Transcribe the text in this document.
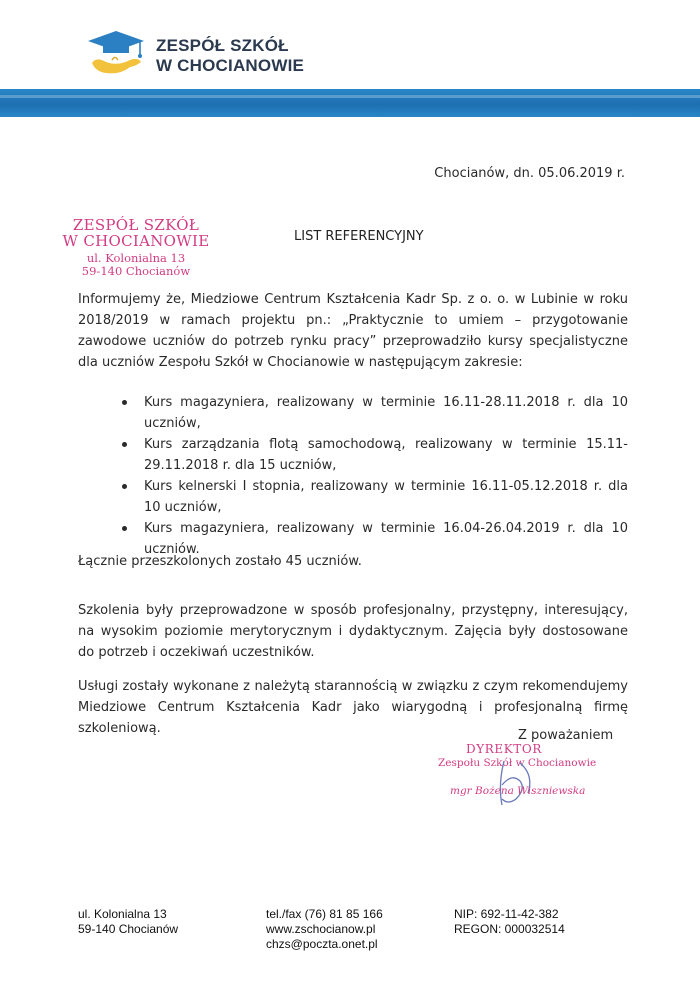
ZESPÓŁ SZKÓŁ
W CHOCIANOWIE
Chocianów, dn. 05.06.2019 r.
ZESPÓŁ SZKÓŁ
W CHOCIANOWIE
ul. Kolonialna 13
59-140 Chocianów
LIST REFERENCYJNY
Informujemy że, Miedziowe Centrum Kształcenia Kadr Sp. z o. o. w Lubinie w roku 2018/2019 w ramach projektu pn.: „Praktycznie to umiem – przygotowanie zawodowe uczniów do potrzeb rynku pracy” przeprowadziło kursy specjalistyczne dla uczniów Zespołu Szkół w Chocianowie w następującym zakresie:
Kurs magazyniera, realizowany w terminie 16.11-28.11.2018 r. dla 10 uczniów,
Kurs zarządzania flotą samochodową, realizowany w terminie 15.11-29.11.2018 r. dla 15 uczniów,
Kurs kelnerski I stopnia, realizowany w terminie 16.11-05.12.2018 r. dla 10 uczniów,
Kurs magazyniera, realizowany w terminie 16.04-26.04.2019 r. dla 10 uczniów.
Łącznie przeszkolonych zostało 45 uczniów.
Szkolenia były przeprowadzone w sposób profesjonalny, przystępny, interesujący, na wysokim poziomie merytorycznym i dydaktycznym. Zajęcia były dostosowane do potrzeb i oczekiwań uczestników.
Usługi zostały wykonane z należytą starannością w związku z czym rekomendujemy Miedziowe Centrum Kształcenia Kadr jako wiarygodną i profesjonalną firmę szkoleniową.	Z poważaniem
DYREKTOR
Zespołu Szkół w Chocianowie
mgr Bożena Wiszniewska
ul. Kolonialna 13
59-140 Chocianów
tel./fax (76) 81 85 166
www.zschocianow.pl
chzs@poczta.onet.pl
NIP: 692-11-42-382
REGON: 000032514
